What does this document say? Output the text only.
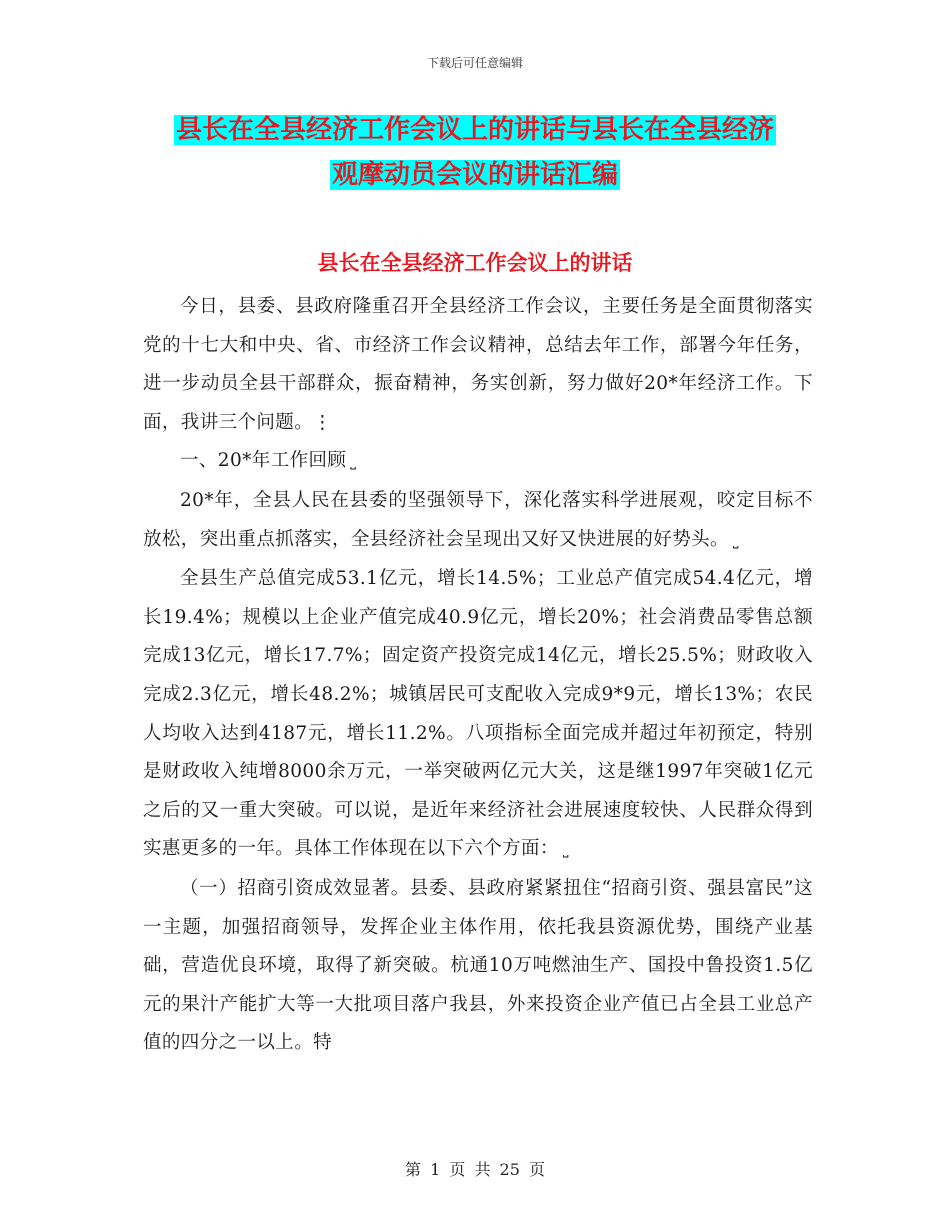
下载后可任意编辑
县长在全县经济工作会议上的讲话与县长在全县经济
观摩动员会议的讲话汇编
县长在全县经济工作会议上的讲话

今日，县委、县政府隆重召开全县经济工作会议，主要任务是全面贯彻落实党的十七大和中央、省、市经济工作会议精神，总结去年工作，部署今年任务，进一步动员全县干部群众，振奋精神，务实创新，努力做好20*年经济工作。下面，我讲三个问题。⋮

一、20*年工作回顾 ⎵

20*年，全县人民在县委的坚强领导下，深化落实科学进展观，咬定目标不放松，突出重点抓落实，全县经济社会呈现出又好又快进展的好势头。 ⎵

全县生产总值完成53.1亿元，增长14.5%；工业总产值完成54.4亿元，增长19.4%；规模以上企业产值完成40.9亿元，增长20%；社会消费品零售总额完成13亿元，增长17.7%；固定资产投资完成14亿元，增长25.5%；财政收入完成2.3亿元，增长48.2%；城镇居民可支配收入完成9*9元，增长13%；农民人均收入达到4187元，增长11.2%。八项指标全面完成并超过年初预定，特别是财政收入纯增8000余万元，一举突破两亿元大关，这是继1997年突破1亿元之后的又一重大突破。可以说，是近年来经济社会进展速度较快、人民群众得到实惠更多的一年。具体工作体现在以下六个方面： ⎵

（一）招商引资成效显著。县委、县政府紧紧扭住“招商引资、强县富民”这一主题，加强招商领导，发挥企业主体作用，依托我县资源优势，围绕产业基础，营造优良环境，取得了新突破。杭通10万吨燃油生产、国投中鲁投资1.5亿元的果汁产能扩大等一大批项目落户我县，外来投资企业产值已占全县工业总产值的四分之一以上。特

第 1 页 共 25 页
